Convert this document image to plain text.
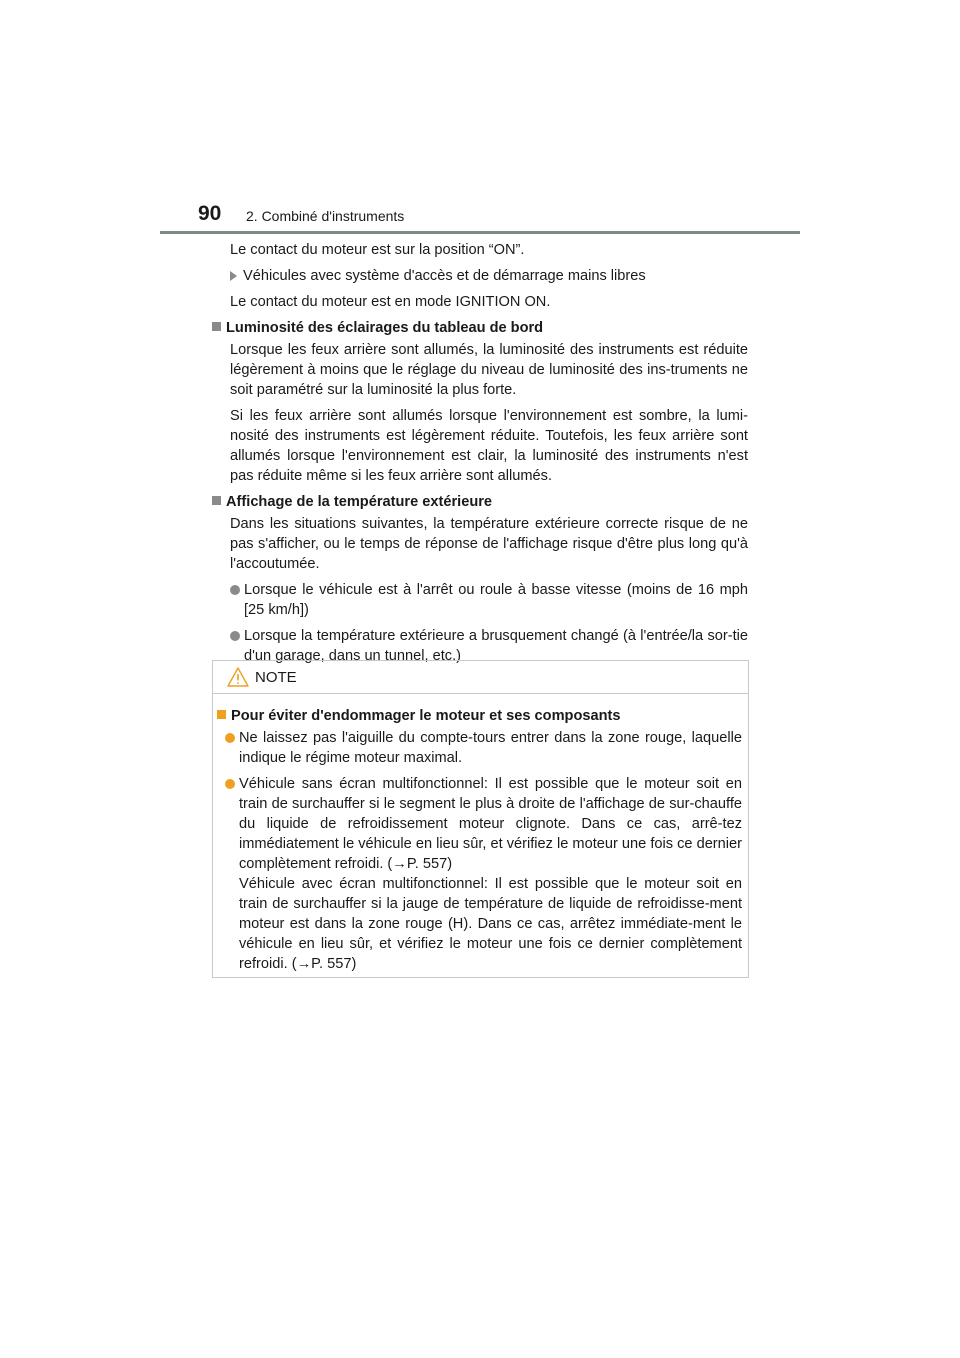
90 2. Combiné d'instruments

Le contact du moteur est sur la position “ON”.

Véhicules avec système d'accès et de démarrage mains libres

Le contact du moteur est en mode IGNITION ON.

Luminosité des éclairages du tableau de bord

Lorsque les feux arrière sont allumés, la luminosité des instruments est réduite légèrement à moins que le réglage du niveau de luminosité des ins-truments ne soit paramétré sur la luminosité la plus forte.

Si les feux arrière sont allumés lorsque l'environnement est sombre, la lumi-nosité des instruments est légèrement réduite. Toutefois, les feux arrière sont allumés lorsque l'environnement est clair, la luminosité des instruments n'est pas réduite même si les feux arrière sont allumés.

Affichage de la température extérieure

Dans les situations suivantes, la température extérieure correcte risque de ne pas s'afficher, ou le temps de réponse de l'affichage risque d'être plus long qu'à l'accoutumée.

Lorsque le véhicule est à l'arrêt ou roule à basse vitesse (moins de 16 mph [25 km/h])
Lorsque la température extérieure a brusquement changé (à l'entrée/la sor-tie d'un garage, dans un tunnel, etc.)
NOTE
Pour éviter d'endommager le moteur et ses composants
Ne laissez pas l'aiguille du compte-tours entrer dans la zone rouge, laquelle indique le régime moteur maximal.
Véhicule sans écran multifonctionnel: Il est possible que le moteur soit en train de surchauffer si le segment le plus à droite de l'affichage de sur-chauffe du liquide de refroidissement moteur clignote. Dans ce cas, arrê-tez immédiatement le véhicule en lieu sûr, et vérifiez le moteur une fois ce dernier complètement refroidi. (→P. 557)
Véhicule avec écran multifonctionnel: Il est possible que le moteur soit en train de surchauffer si la jauge de température de liquide de refroidisse-ment moteur est dans la zone rouge (H). Dans ce cas, arrêtez immédiate-ment le véhicule en lieu sûr, et vérifiez le moteur une fois ce dernier complètement refroidi. (→P. 557)
